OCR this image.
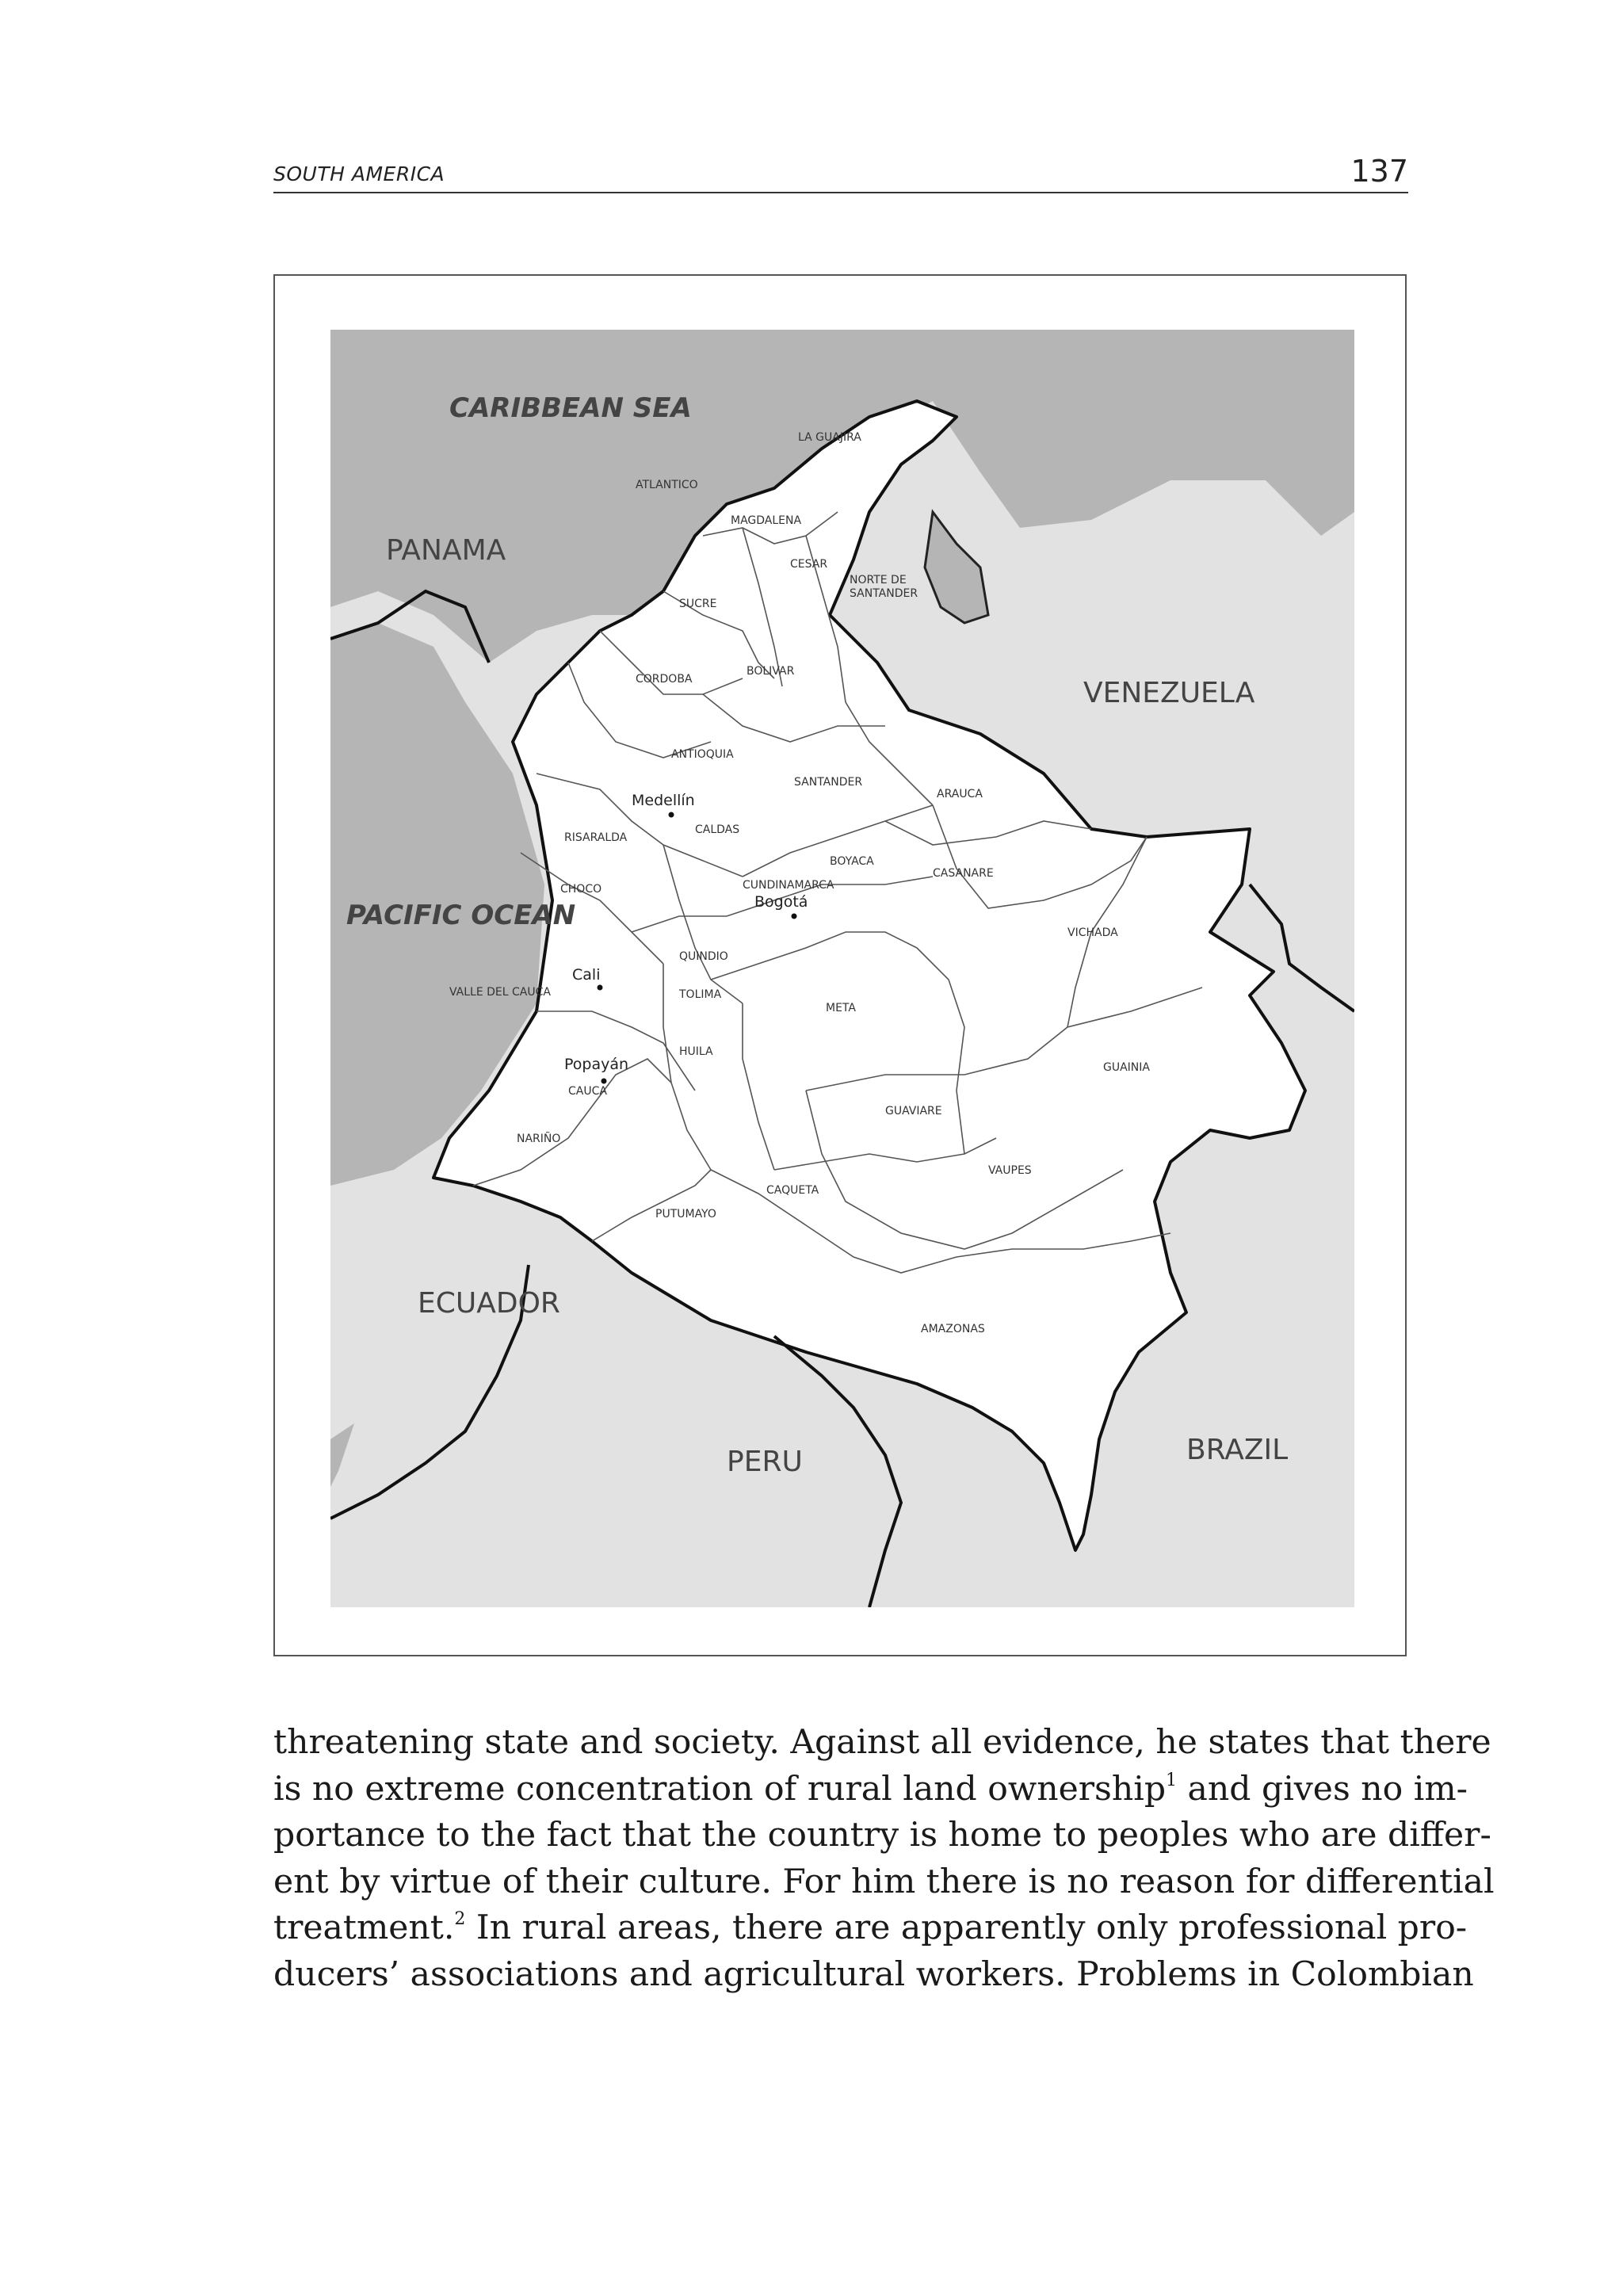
SOUTH AMERICA	137
CARIBBEAN SEA
PACIFIC OCEAN
PANAMA
VENEZUELA
ECUADOR
PERU	BRAZIL
LA GUAJIRA
ATLANTICO
MAGDALENA
CESAR
NORTE DE
SANTANDER
SUCRE
CORDOBA
BOLIVAR
ANTIOQUIA
SANTANDER
ARAUCA
RISARALDA
CALDAS
BOYACA
CASANARE
CHOCO	CUNDINAMARCA
VICHADA
QUINDIO
VALLE DEL CAUCA	TOLIMA
META
HUILA
GUAINIA
CAUCA
GUAVIARE
NARIÑO
VAUPES
CAQUETA
PUTUMAYO
AMAZONAS
Medellín
Bogotá
Cali
Popayán
threatening state and society. Against all evidence, he states that there
is no extreme concentration of rural land ownership$^1$ and gives no im-
portance to the fact that the country is home to peoples who are differ-
ent by virtue of their culture. For him there is no reason for differential
treatment.$^2$ In rural areas, there are apparently only professional pro-
ducers’ associations and agricultural workers. Problems in Colombian
